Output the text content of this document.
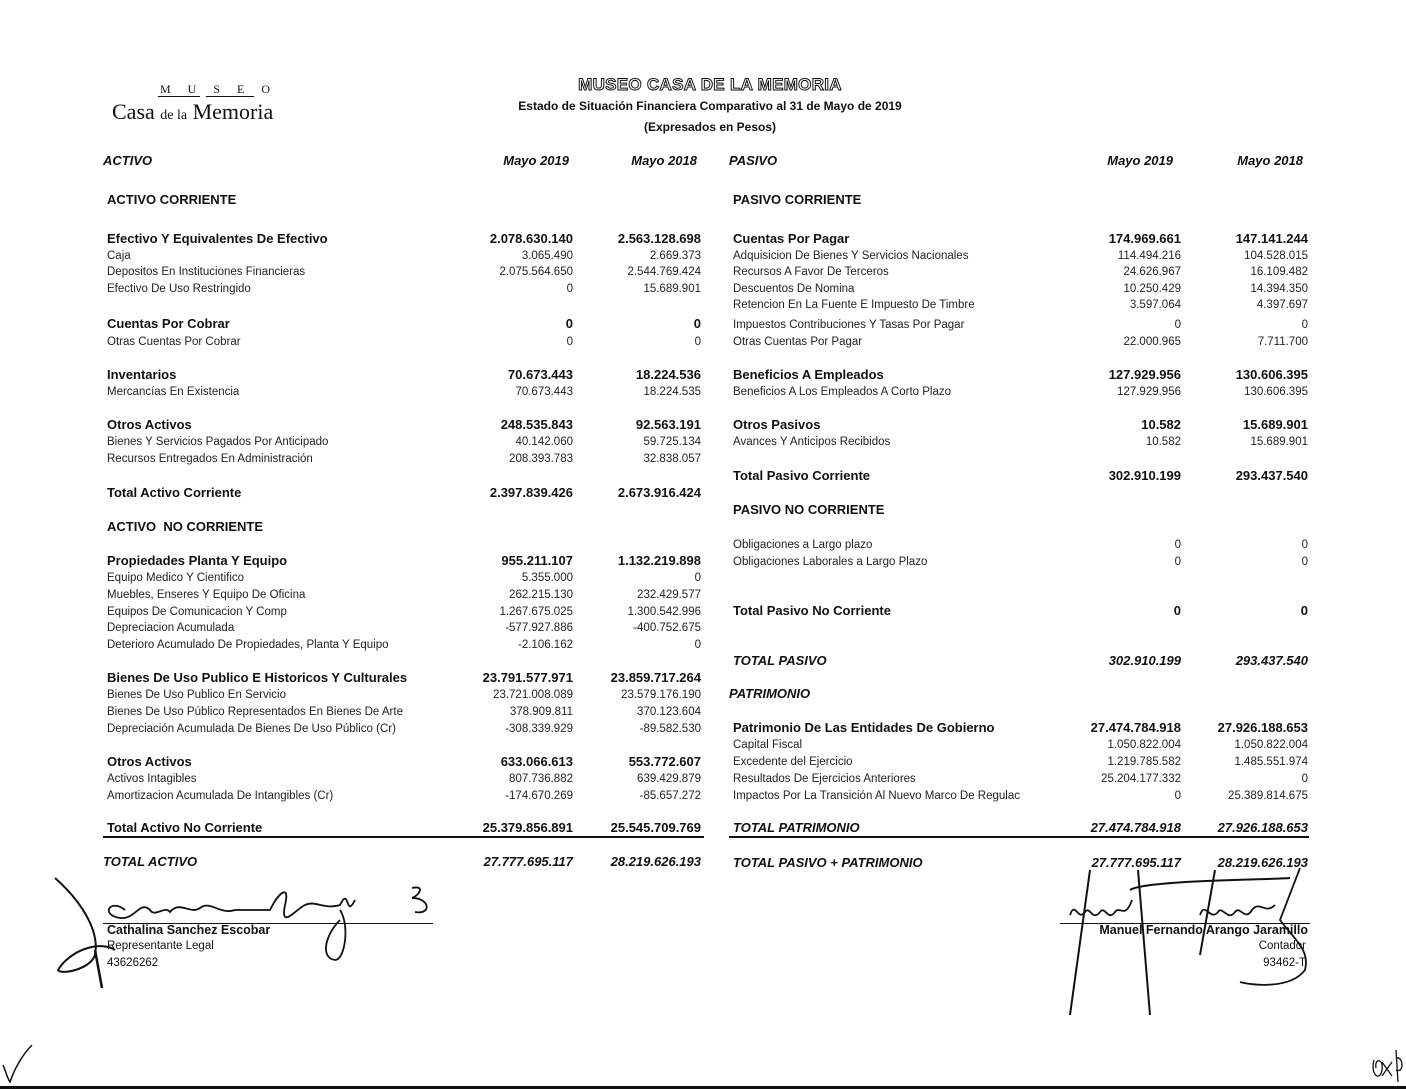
M U S E O
Casa de la Memoria
MUSEO CASA DE LA MEMORIA
Estado de Situación Financiera Comparativo al 31 de Mayo de 2019
(Expresados en Pesos)
ACTIVO	Mayo 2019	Mayo 2018
ACTIVO CORRIENTE
Efectivo Y Equivalentes De Efectivo	2.078.630.140	2.563.128.698
Caja	3.065.490	2.669.373
Depositos En Instituciones Financieras	2.075.564.650	2.544.769.424
Efectivo De Uso Restringido	0	15.689.901
Cuentas Por Cobrar	0	0
Otras Cuentas Por Cobrar	0	0
Inventarios	70.673.443	18.224.536
Mercancías En Existencia	70.673.443	18.224.535
Otros Activos	248.535.843	92.563.191
Bienes Y Servicios Pagados Por Anticipado	40.142.060	59.725.134
Recursos Entregados En Administración	208.393.783	32.838.057
Total Activo Corriente	2.397.839.426	2.673.916.424
ACTIVO  NO CORRIENTE
Propiedades Planta Y Equipo	955.211.107	1.132.219.898
Equipo Medico Y Cientifico	5.355.000	0
Muebles, Enseres Y Equipo De Oficina	262.215.130	232.429.577
Equipos De Comunicacion Y Comp	1.267.675.025	1.300.542.996
Depreciacion Acumulada	-577.927.886	-400.752.675
Deterioro Acumulado De Propiedades, Planta Y Equipo	-2.106.162	0
Bienes De Uso Publico E Historicos Y Culturales	23.791.577.971	23.859.717.264
Bienes De Uso Publico En Servicio	23.721.008.089	23.579.176.190
Bienes De Uso Público Representados En Bienes De Arte	378.909.811	370.123.604
Depreciación Acumulada De Bienes De Uso Público (Cr)	-308.339.929	-89.582.530
Otros Activos	633.066.613	553.772.607
Activos Intagibles	807.736.882	639.429.879
Amortizacion Acumulada De Intangibles (Cr)	-174.670.269	-85.657.272
Total Activo No Corriente	25.379.856.891	25.545.709.769
TOTAL ACTIVO	27.777.695.117	28.219.626.193
PASIVO	Mayo 2019	Mayo 2018
PASIVO CORRIENTE
Cuentas Por Pagar	174.969.661	147.141.244
Adquisicion De Bienes Y Servicios Nacionales	114.494.216	104.528.015
Recursos A Favor De Terceros	24.626.967	16.109.482
Descuentos De Nomina	10.250.429	14.394.350
Retencion En La Fuente E Impuesto De Timbre	3.597.064	4.397.697
Impuestos Contribuciones Y Tasas Por Pagar	0	0
Otras Cuentas Por Pagar	22.000.965	7.711.700
Beneficios A Empleados	127.929.956	130.606.395
Beneficios A Los Empleados A Corto Plazo	127.929.956	130.606.395
Otros Pasivos	10.582	15.689.901
Avances Y Anticipos Recibidos	10.582	15.689.901
Total Pasivo Corriente	302.910.199	293.437.540
PASIVO NO CORRIENTE
Obligaciones a Largo plazo	0	0
Obligaciones Laborales a Largo Plazo	0	0
Total Pasivo No Corriente	0	0
TOTAL PASIVO	302.910.199	293.437.540
PATRIMONIO
Patrimonio De Las Entidades De Gobierno	27.474.784.918	27.926.188.653
Capital Fiscal	1.050.822.004	1.050.822.004
Excedente del Ejercicio	1.219.785.582	1.485.551.974
Resultados De Ejercicios Anteriores	25.204.177.332	0
Impactos Por La Transición Al Nuevo Marco De Regulac	0	25.389.814.675
TOTAL PATRIMONIO	27.474.784.918	27.926.188.653
TOTAL PASIVO + PATRIMONIO	27.777.695.117	28.219.626.193
Cathalina Sanchez Escobar
Representante Legal
43626262
Manuel Fernando Arango Jaramillo
Contador
93462-T
